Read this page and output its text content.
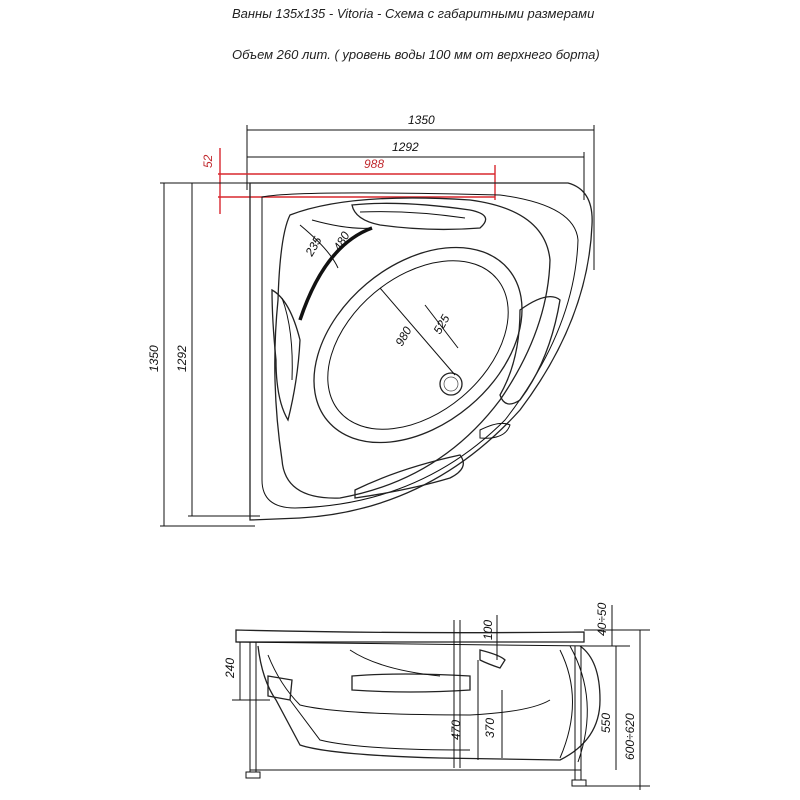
Ванны 135х135 - Vitoria - Схема с габаритными размерами
Объем 260 лит. ( уровень воды 100 мм от верхнего борта)
1350
1292
988
52
1350 1292
235 480
980 525
240
100
470 370
40÷50
550 600÷620
